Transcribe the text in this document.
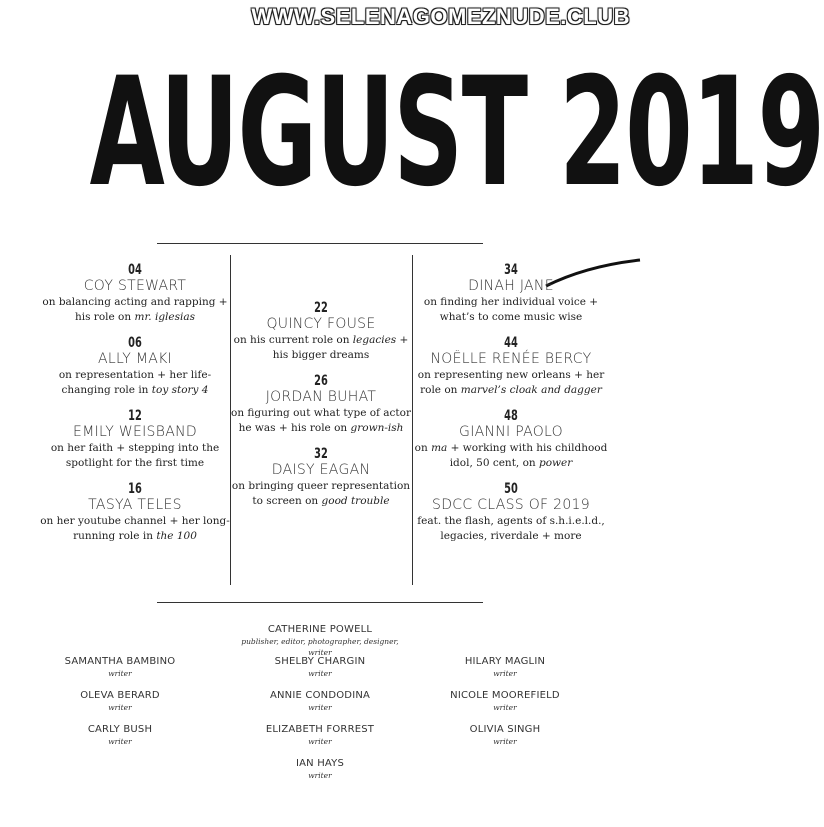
WWW.SELENAGOMEZNUDE.CLUB
AUGUST 2019
04
COY STEWART
on balancing acting and rapping + his role on mr. iglesias
06
ALLY MAKI
on representation + her life-changing role in toy story 4
12
EMILY WEISBAND
on her faith + stepping into the spotlight for the first time
16
TASYA TELES
on her youtube channel + her long-running role in the 100
22
QUINCY FOUSE
on his current role on legacies + his bigger dreams
26
JORDAN BUHAT
on figuring out what type of actor he was + his role on grown-ish
32
DAISY EAGAN
on bringing queer representation to screen on good trouble
34
DINAH JANE
on finding her individual voice + what’s to come music wise
44
NOËLLE RENÉE BERCY
on representing new orleans + her role on marvel’s cloak and dagger
48
GIANNI PAOLO
on ma + working with his childhood idol, 50 cent, on power
50
SDCC CLASS OF 2019
feat. the flash, agents of s.h.i.e.l.d., legacies, riverdale + more
CATHERINE POWELL
publisher, editor, photographer, designer, writer
SAMANTHA BAMBINO
writer
OLEVA BERARD
writer
CARLY BUSH
writer
SHELBY CHARGIN
writer
ANNIE CONDODINA
writer
ELIZABETH FORREST
writer
IAN HAYS
writer
HILARY MAGLIN
writer
NICOLE MOOREFIELD
writer
OLIVIA SINGH
writer
